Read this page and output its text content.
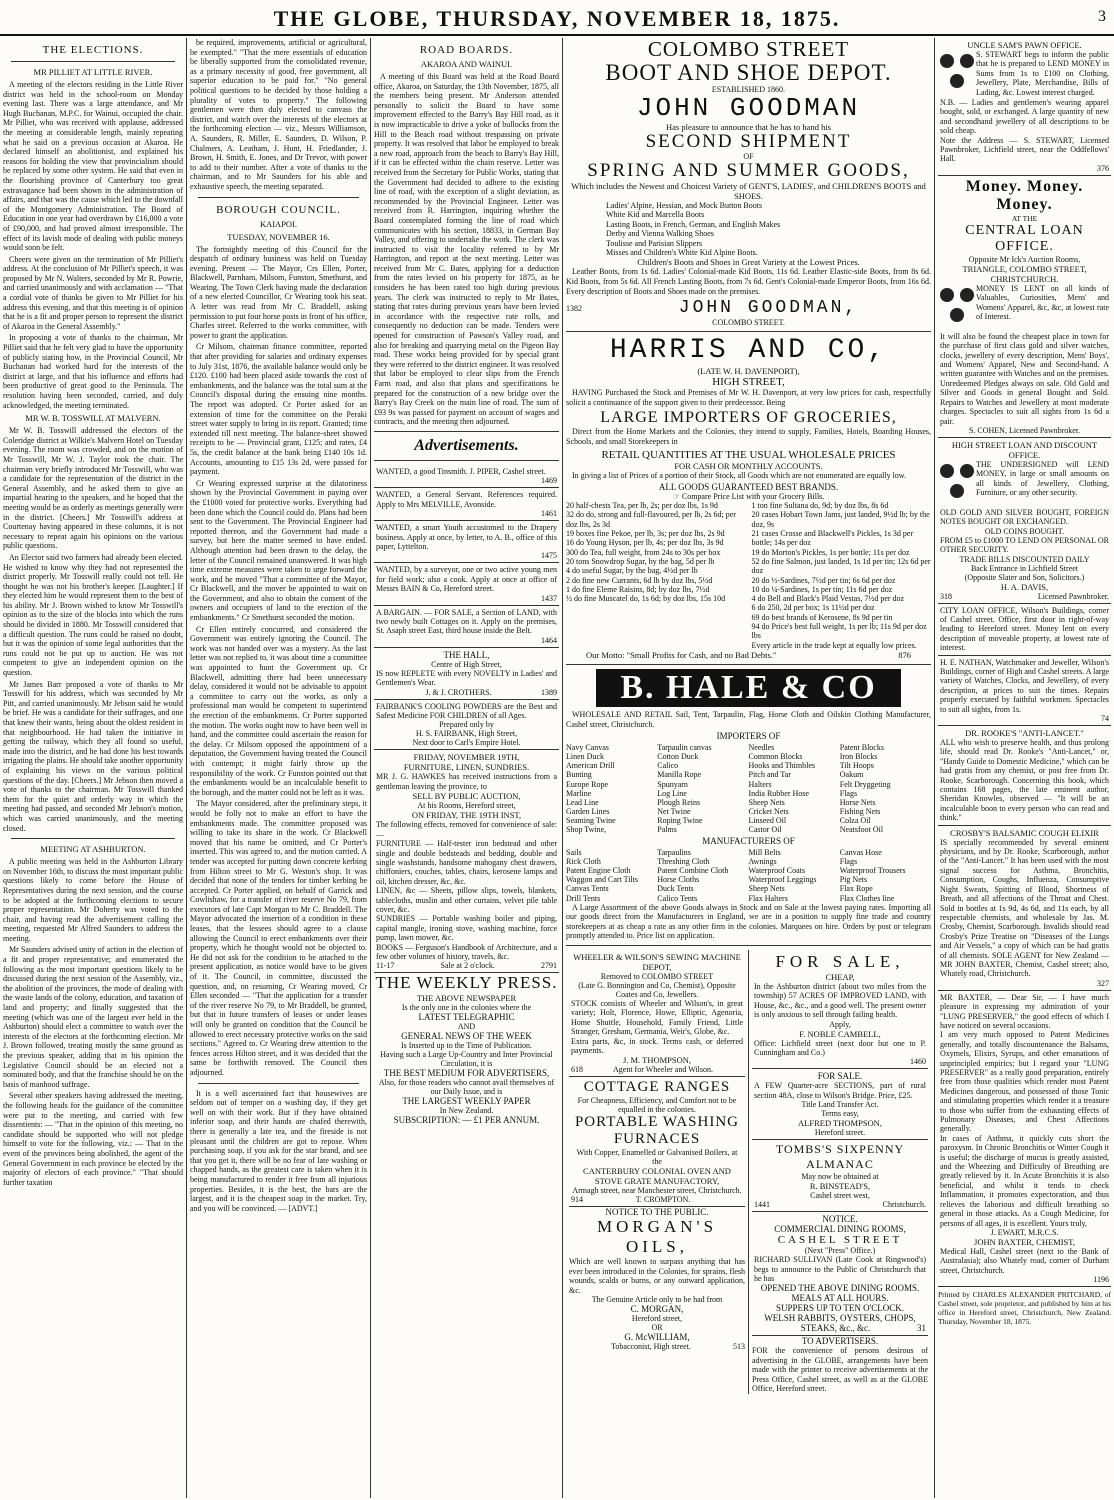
THE GLOBE, THURSDAY, NOVEMBER 18, 1875.	3
THE ELECTIONS.
MR PILLIET AT LITTLE RIVER.

A meeting of the electors residing in the Little River district was held in the school-room on Monday evening last. There was a large attendance, and Mr Hugh Buchanan, M.P.C. for Wainui, occupied the chair. Mr Pilliet, who was received with applause, addressed the meeting at considerable length, mainly repeating what he said on a previous occasion at Akaroa. He declared himself an abolitionist, and explained his reasons for holding the view that provincialism should be replaced by some other system. He said that even in the flourishing province of Canterbury too great extravagance had been shown in the administration of affairs, and that was the cause which led to the downfall of the Montgomery Administration. The Board of Education in one year had overdrawn by £16,000 a vote of £90,000, and had proved almost irresponsible. The effect of its lavish mode of dealing with public moneys would soon be felt.

Cheers were given on the termination of Mr Pilliet's address. At the conclusion of Mr Pilliet's speech, it was proposed by Mr N. Walters, seconded by Mr R. Powrie, and carried unanimously and with acclamation — "That a cordial vote of thanks be given to Mr Pilliet for his address this evening, and that this meeting is of opinion that he is a fit and proper person to represent the district of Akaroa in the General Assembly."

In proposing a vote of thanks to the chairman, Mr Pilliet said that he felt very glad to have the opportunity of publicly stating how, in the Provincial Council, Mr Buchanan had worked hard for the interests of the district at large, and that his influence and efforts had been productive of great good to the Peninsula. The resolution having been seconded, carried, and duly acknowledged, the meeting terminated.

MR W. B. TOSSWILL AT MALVERN.

Mr W. B. Tosswill addressed the electors of the Coleridge district at Wilkie's Malvern Hotel on Tuesday evening. The room was crowded, and on the motion of Mr Tosswill, Mr W. J. Taylor took the chair. The chairman very briefly introduced Mr Tosswill, who was a candidate for the representation of the district in the General Assembly, and he asked them to give an impartial hearing to the speakers, and he hoped that the meeting would be as orderly as meetings generally were in the district. [Cheers.] Mr Tosswill's address at Courtenay having appeared in these columns, it is not necessary to repeat again his opinions on the various public questions.

An Elector said two farmers had already been elected. He wished to know why they had not represented the district properly. Mr Tosswill really could not tell. He thought he was not his brother's keeper. [Laughter.] If they elected him he would represent them to the best of his ability. Mr J. Brown wished to know Mr Tosswill's opinion as to the size of the blocks into which the runs should be divided in 1880. Mr Tosswill considered that a difficult question. The runs could be raised no doubt, but it was the opinion of some legal authorities that the runs could not be put up to auction. He was not competent to give an independent opinion on the question.

Mr James Barr proposed a vote of thanks to Mr Tosswill for his address, which was seconded by Mr Pitt, and carried unanimously. Mr Jebson said he would be brief. He was a candidate for their suffrages, and one that knew their wants, being about the oldest resident in that neighbourhood. He had taken the initiative in getting the railway, which they all found so useful, made into the district, and he had done his best towards irrigating the plains. He should take another opportunity of explaining his views on the various political questions of the day. [Cheers.] Mr Jebson then moved a vote of thanks to the chairman. Mr Tosswill thanked them for the quiet and orderly way in which the meeting had passed, and seconded Mr Jebson's motion, which was carried unanimously, and the meeting closed.

MEETING AT ASHBURTON.

A public meeting was held in the Ashburton Library on November 16th, to discuss the most important public questions likely to come before the House of Representatives during the next session, and the course to be adopted at the forthcoming elections to secure proper representation. Mr Doherty was voted to the chair, and having read the advertisement calling the meeting, requested Mr Alfred Saunders to address the meeting.

Mr Saunders advised unity of action in the election of a fit and proper representative; and enumerated the following as the most important questions likely to be discussed during the next session of the Assembly, viz., the abolition of the provinces, the mode of dealing with the waste lands of the colony, education, and taxation of land and property; and finally suggested that the meeting (which was one of the largest ever held in the Ashburton) should elect a committee to watch over the interests of the electors at the forthcoming election. Mr J. Brown followed, treating mostly the same ground as the previous speaker, adding that in his opinion the Legislative Council should be an elected not a nominated body, and that the franchise should be on the basis of manhood suffrage.

Several other speakers having addressed the meeting, the following heads for the guidance of the committee were put to the meeting, and carried with few dissentients: — "That in the opinion of this meeting, no candidate should be supported who will not pledge himself to vote for the following, viz.: — That in the event of the provinces being abolished, the agent of the General Government in each province be elected by the majority of electors of each province." "That should further taxation

be required, improvements, artificial or agricultural, be exempted." "That the mere essentials of education be liberally supported from the consolidated revenue, as a primary necessity of good, free government, all superior education to be paid for." "No general political questions to be decided by those holding a plurality of votes to property." The following gentlemen were then duly elected to canvass the district, and watch over the interests of the electors at the forthcoming election — viz., Messrs Williamson, A. Saunders, R. Miller, E. Saunders, D. Wilson, P. Chalmers, A. Leatham, J. Hunt, H. Friedlander, J. Brown, H. Smith, E. Jones, and Dr Trevor, with power to add to their number. After a vote of thanks to the chairman, and to Mr Saunders for his able and exhaustive speech, the meeting separated.

BOROUGH COUNCIL.
KAIAPOI.
TUESDAY, NOVEMBER 16.

The fortnightly meeting of this Council for the despatch of ordinary business was held on Tuesday evening. Present — The Mayor, Crs Ellen, Porter, Blackwell, Parnham, Milsom, Funston, Smethurst, and Wearing. The Town Clerk having made the declaration of a new elected Councillor, Cr Wearing took his seat. A letter was read from Mr C. Braddell, asking permission to put four horse posts in front of his office, Charles street. Referred to the works committee, with power to grant the application.

Cr Milsom, chairman finance committee, reported that after providing for salaries and ordinary expenses to July 31st, 1876, the available balance would only be £120. £100 had been placed aside towards the cost of embankments, and the balance was the total sum at the Council's disposal during the ensuing nine months. The report was adopted. Cr Porter asked for an extension of time for the committee on the Peraki street water supply to bring in its report. Granted; time extended till next meeting. The balance-sheet showed receipts to be — Provincial grant, £125; and rates, £4 5s, the credit balance at the bank being £140 10s 1d. Accounts, amounting to £15 13s 2d, were passed for payment.

Cr Wearing expressed surprise at the dilatoriness shown by the Provincial Government in paying over the £1000 voted for protective works. Everything had been done which the Council could do. Plans had been sent to the Government. The Provincial Engineer had reported thereon, and the Government had made a survey, but here the matter seemed to have ended. Although attention had been drawn to the delay, the letter of the Council remained unanswered. It was high time extreme measures were taken to urge forward the work, and he moved "That a committee of the Mayor, Cr Blackwell, and the mover be appointed to wait on the Government, and also to obtain the consent of the owners and occupiers of land to the erection of the embankments." Cr Smethurst seconded the motion.

Cr Ellen entirely concurred, and considered the Government was entirely ignoring the Council. The work was not handed over was a mystery. As the last letter was not replied to, it was about time a committee was appointed to hunt the Government up. Cr Blackwell, admitting there had been unnecessary delay, considered it would not be advisable to appoint a committee to carry out the works, as only a professional man would be competent to superintend the erection of the embankments. Cr Porter supported the motion. The works ought now to have been well in hand, and the committee could ascertain the reason for the delay. Cr Milsom opposed the appointment of a deputation, the Government having treated the Council with contempt; it might fairly throw up the responsibility of the work. Cr Funston pointed out that the embankments would be an incalculable benefit to the borough, and the matter could not be left as it was.

The Mayor considered, after the preliminary steps, it would be folly not to make an effort to have the embankments made. The committee proposed was willing to take its share in the work. Cr Blackwell moved that his name be omitted, and Cr Porter's inserted. This was agreed to, and the motion carried. A tender was accepted for putting down concrete kerbing from Hilton street to Mr G. Weston's shop. It was decided that none of the tenders for timber kerbing be accepted. Cr Porter applied, on behalf of Garrick and Cowlishaw, for a transfer of river reserve No 79, from executors of late Capt Morgan to Mr C. Braddell. The Mayor advocated the insertion of a condition in these leases, that the lessees should agree to a clause allowing the Council to erect embankments over their property, which he thought would not be objected to. He did not ask for the condition to be attached to the present application, as notice would have to be given of it. The Council, in committee, discussed the question, and, on resuming, Cr Wearing moved, Cr Ellen seconded — "That the application for a transfer of the river reserve No 79, to Mr Braddell, be granted, but that in future transfers of leases or under leases will only be granted on condition that the Council be allowed to erect necessary protective works on the said sections." Agreed to. Cr Wearing drew attention to the fences across Hilton street, and it was decided that the same be forthwith removed. The Council then adjourned.

It is a well ascertained fact that housewives are seldom out of temper on a washing day, if they get well on with their work. But if they have obtained inferior soap, and their hands are chafed therewith, there is generally a late tea, and the fireside is not pleasant until the children are got to repose. When purchasing soap, if you ask for the star brand, and see that you get it, there will be no fear of late washing or chapped hands, as the greatest care is taken when it is being manufactured to render it free from all injurious properties. Besides, it is the best, the bars are the largest, and it is the cheapest soap in the market. Try, and you will be convinced. — [ADVT.]

ROAD BOARDS.
AKAROA AND WAINUI.

A meeting of this Board was held at the Road Board office, Akaroa, on Saturday, the 13th November, 1875, all the members being present. Mr Anderson attended personally to solicit the Board to have some improvement effected to the Barry's Bay Hill road, as it is now impracticable to drive a yoke of bullocks from the Hill to the Beach road without trespassing on private property. It was resolved that labor be employed to break a new road, approach from the beach to Barry's Bay Hill, if it can be effected within the chain reserve. Letter was received from the Secretary for Public Works, stating that the Government had decided to adhere to the existing line of road, with the exception of a slight deviation, as recommended by the Provincial Engineer. Letter was received from R. Harrington, inquiring whether the Board contemplated forming the line of road which communicates with his section, 18833, in German Bay Valley, and offering to undertake the work. The clerk was instructed to visit the locality referred to by Mr Harrington, and report at the next meeting. Letter was received from Mr C. Bates, applying for a deduction from the rates levied on his property for 1875, as he considers he has been rated too high during previous years. The clerk was instructed to reply to Mr Bates, stating that rates during previous years have been levied in accordance with the respective rate rolls, and consequently no deduction can be made. Tenders were opened for construction of Pawson's Valley road, and also for breaking and quarrying metal on the Pigeon Bay road. These works being provided for by special grant they were referred to the district engineer. It was resolved that labor be employed to clear slips from the French Farm road, and also that plans and specifications be prepared for the construction of a new bridge over the Barry's Bay Creek on the main line of road. The sum of £93 9s was passed for payment on account of wages and contracts, and the meeting then adjourned.

Advertisements.
WANTED, a good Tinsmith. J. PIPER, Cashel street.
1469
WANTED, a General Servant. References required. Apply to Mrs MELVILLE, Avonside.
1461
WANTED, a smart Youth accustomed to the Drapery business. Apply at once, by letter, to A. B., office of this paper, Lyttelton.
1475
WANTED, by a surveyor, one or two active young men for field work; also a cook. Apply at once at office of Messrs BAIN & Co, Hereford street.
1437
A BARGAIN. — FOR SALE, a Section of LAND, with two newly built Cottages on it. Apply on the premises, St. Asaph street East, third house inside the Belt.
1464
THE HALL,
Centre of High Street,
IS now REPLETE with every NOVELTY in Ladies' and Gentlemen's Wear.
J. & J. CROTHERS.	1389
FAIRBANK'S COOLING POWDERS are the Best and Safest Medicine FOR CHILDREN of all Ages.
Prepared only by
H. S. FAIRBANK, High Street,
Next door to Carl's Empire Hotel.
FRIDAY, NOVEMBER 19TH,
FURNITURE, LINEN, SUNDRIES.
MR J. G. HAWKES has received instructions from a gentleman leaving the province, to
SELL BY PUBLIC AUCTION,
At his Rooms, Hereford street,
ON FRIDAY, THE 19TH INST,
The following effects, removed for convenience of sale: —
FURNITURE — Half-tester iron bedstead and other single and double bedsteads and bedding, double and single washstands, handsome mahogany chest drawers, chiffoniers, couches, tables, chairs, kerosene lamps and oil, kitchen dresser, &c, &c.
LINEN, &c — Sheets, pillow slips, towels, blankets, tablecloths, muslin and other curtains, velvet pile table cover, &c.
SUNDRIES — Portable washing boiler and piping, capital mangle, ironing stove, washing machine, force pump, lawn mower, &c.
BOOKS — Ferguson's Handbook of Architecture, and a few other volumes of history, travels, &c.
11-17	Sale at 2 o'clock.	2791
THE WEEKLY PRESS.
THE ABOVE NEWSPAPER
Is the only one in the colonies where the
LATEST TELEGRAPHIC
AND
GENERAL NEWS OF THE WEEK
Is Inserted up to the Time of Publication.
Having such a Large Up-Country and Inter Provincial Circulation, it is
THE BEST MEDIUM FOR ADVERTISERS,
Also, for those readers who cannot avail themselves of our Daily Issue, and is
THE LARGEST WEEKLY PAPER
In New Zealand.
SUBSCRIPTION: — £1 PER ANNUM.
COLOMBO STREET
BOOT AND SHOE DEPOT.
ESTABLISHED 1860.
JOHN GOODMAN
Has pleasure to announce that he has to hand his
SECOND SHIPMENT
OF
SPRING AND SUMMER GOODS,
Which includes the Newest and Choicest Variety of GENT'S, LADIES', and CHILDREN'S BOOTS and SHOES.
Ladies' Alpine, Hessian, and Mock Button Boots
White Kid and Marcella Boots
Lasting Boots, in French, German, and English Makes
Derby and Vienna Walking Shoes
Toulisse and Parisian Slippers
Misses and Children's White Kid Alpine Boots.
Children's Boots and Shoes in Great Variety at the Lowest Prices.
Leather Boots, from 1s 6d. Ladies' Colonial-made Kid Boots, 11s 6d. Leather Elastic-side Boots, from 8s 6d. Kid Boots, from 5s 6d. All French Lasting Boots, from 7s 6d. Gent's Colonial-made Emperor Boots, from 16s 6d. Every description of Boots and Shoes made on the premises.
1382	JOHN GOODMAN,
COLOMBO STREET.
HARRIS AND CO,
(LATE W. H. DAVENPORT),
HIGH STREET,
HAVING Purchased the Stock and Premises of Mr W. H. Davenport, at very low prices for cash, respectfully solicit a continuance of the support given to their predecessor. Being
LARGE IMPORTERS OF GROCERIES,
Direct from the Home Markets and the Colonies, they intend to supply, Families, Hotels, Boarding Houses, Schools, and small Storekeepers in
RETAIL QUANTITIES AT THE USUAL WHOLESALE PRICES
FOR CASH OR MONTHLY ACCOUNTS.
In giving a list of Prices of a portion of their Stock, all Goods which are not enumerated are equally low.
ALL GOODS GUARANTEED BEST BRANDS.
☞ Compare Price List with your Grocery Bills.
20 half-chests Tea, per lb, 2s; per doz lbs, 1s 9d
32 do do, strong and full-flavoured, per lb, 2s 6d; per doz lbs, 2s 3d
19 boxes fine Pekoe, per lb, 3s; per doz lbs, 2s 9d
16 do Young Hyson, per lb, 4s; per doz lbs, 3s 9d
300 do Tea, full weight, from 24s to 30s per box
20 tons Snowdrop Sugar, by the bag, 5d per lb
4 do useful Sugar, by the bag, 4½d per lb
2 do fine new Currants, 6d lb by doz lbs, 5½d
1 do fine Eleme Raisins, 8d; by doz lbs, 7½d
½ do fine Muscatel do, 1s 6d; by doz lbs, 15s 10d
1 ton fine Sultana do, 9d; by doz lbs, 8s 6d
20 cases Hobart Town Jams, just landed, 9½d lb; by the doz, 9s
21 cases Crosse and Blackwell's Pickles, 1s 3d per bottle; 14s per doz
19 do Morton's Pickles, 1s per bottle; 11s per doz
52 do fine Salmon, just landed, 1s 1d per tin; 12s 6d per doz
20 do ½-Sardines, 7½d per tin; 6s 6d per doz
10 do ¼-Sardines, 1s per tin; 11s 6d per doz
4 do Bell and Black's Plaid Vestas, 7½d per doz
6 do 250, 2d per box; 1s 11½d per doz
69 do best brands of Kerosene, 8s 9d per tin
94 do Price's best full weight, 1s per lb; 11s 9d per doz lbs
Every article in the trade kept at equally low prices.
Our Motto: "Small Profits for Cash, and no Bad Debts."	876
B. HALE & CO
WHOLESALE AND RETAIL Sail, Tent, Tarpaulin, Flag, Horse Cloth and Oilskin Clothing Manufacturer, Cashel street, Christchurch.
IMPORTERS OF
Navy Canvas
Linen Duck
American Drill
Bunting
Europe Rope
Marline
Lead Line
Garden Lines
Seaming Twine
Shop Twine,
Tarpaulin canvas
Cotton Duck
Calico
Manilla Rope
Spunyarn
Log Line
Plough Reins
Net Twine
Roping Twine
Palms
Needles
Common Blocks
Hooks and Thimbles
Pitch and Tar
Halters
India Rubber Hose
Sheep Nets
Cricket Nets
Linseed Oil
Castor Oil
Patent Blocks
Iron Blocks
Tilt Hoops
Oakum
Felt Dryggeting
Flags
Horse Nets
Fishing Nets
Colza Oil
Neatsfoot Oil
MANUFACTURERS OF
Sails
Rick Cloth
Patent Engine Cloth
Waggon and Cart Tilts
Canvas Tents
Drill Tents
Tarpaulins
Threshing Cloth
Patent Combine Cloth
Horse Cloths
Duck Tents
Calico Tents
Mill Belts
Awnings
Waterproof Coats
Waterproof Leggings
Sheep Nets
Flax Halters
Canvas Hose
Flags
Waterproof Trousers
Pig Nets
Flax Rope
Flax Clothes line
A Large Assortment of the above Goods always in Stock and on Sale at the lowest paying rates. Importing all our goods direct from the Manufacturers in England, we are in a position to supply fine trade and country storekeepers at as cheap a rate as any other firm in the colonies. Marquees on hire. Orders by post or telegram promptly attended to. Price list on application.
WHEELER & WILSON'S SEWING MACHINE DEPOT,
Removed to COLOMBO STREET
(Late G. Bonnington and Co, Chemist), Opposite Coates and Co, Jewellers.
STOCK consists of Wheeler and Wilson's, in great variety; Holt, Florence, Howe, Elliptic, Agenoria, Home Shuttle, Household, Family Friend, Little Stranger, Gresham, Germania, Weir's, Globe, &c.
Extra parts, &c, in stock. Terms cash, or deferred payments.
J. M. THOMPSON,
618	Agent for Wheeler and Wilson.
COTTAGE RANGES
For Cheapness, Efficiency, and Comfort not to be equalled in the colonies.
PORTABLE WASHING
FURNACES
With Copper, Enamelled or Galvanised Boilers, at the
CANTERBURY COLONIAL OVEN AND
STOVE GRATE MANUFACTORY,
Armagh street, near Manchester street, Christchurch.
914	T. CROMPTON.
NOTICE TO THE PUBLIC.
MORGAN'S OILS,
Which are well known to surpass anything that has ever been introduced in the Colonies, for sprains, flesh wounds, scalds or burns, or any outward application, &c.
The Genuine Article only to be had from
C. MORGAN,
Hereford street,
OR
G. McWILLIAM,
Tobacconist, High street.	513
FOR SALE,
CHEAP,
In the Ashburton district (about two miles from the township) 57 ACRES OF IMPROVED LAND, with House, &c., &c., and a good well. The present owner is only anxious to sell through failing health.
Apply,
F. NOBLE CAMBELL,
Office: Lichfield street (next door but one to P. Cunningham and Co.)
1460
FOR SALE.
A FEW Quarter-acre SECTIONS, part of rural section 48A, close to Wilson's Bridge. Price, £25.
Title Land Transfer Act.
Terms easy,
ALFRED THOMPSON,
Hereford street.
TOMBS'S SIXPENNY ALMANAC
May now be obtained at
R. BINSTEAD'S,
Cashel street west,
1441	Christchurch.
NOTICE.
COMMERCIAL DINING ROOMS,
CASHEL STREET
(Next "Press" Office.)
RICHARD SULLIVAN (Late Cook at Ringwood's) begs to announce to the Public of Christchurch that he has
OPENED THE ABOVE DINING ROOMS.
MEALS AT ALL HOURS.
SUPPERS UP TO TEN O'CLOCK.
WELSH RABBITS, OYSTERS, CHOPS,
STEAKS, &c., &c.	31
TO ADVERTISERS.
FOR the convenience of persons desirous of advertising in the GLOBE, arrangements have been made with the printer to receive advertisements at the Press Office, Cashel street, as well as at the GLOBE Office, Hereford street.
UNCLE SAM'S PAWN OFFICE.
S. STEWART begs to inform the public that he is prepared to LEND MONEY in Sums from 1s to £100 on Clothing, Jewellery, Plate, Merchandise, Bills of Lading, &c. Lowest interest charged.
N.B. — Ladies and gentlemen's wearing apparel bought, sold, or exchanged. A large quantity of new and secondhand jewellery of all descriptions to be sold cheap.
Note the Address — S. STEWART, Licensed Pawnbroker, Lichfield street, near the Oddfellows' Hall.
376
Money. Money. Money.
AT THE
CENTRAL LOAN OFFICE.
Opposite Mr Ick's Auction Rooms,
TRIANGLE, COLOMBO STREET,
CHRISTCHURCH.
MONEY IS LENT on all kinds of Valuables, Curiosities, Mens' and Womens' Apparel, &c, &c, at lowest rate of Interest.
It will also be found the cheapest place in town for the purchase of first class gold and silver watches, clocks, jewellery of every description, Mens' Boys', and Womens' Apparel, New and Second-hand. A written guarantee with Watches and on the premises. Unredeemed Pledges always on sale. Old Gold and Silver and Goods in general Bought and Sold. Repairs to Watches and Jewellery at most moderate charges. Spectacles to suit all sights from 1s 6d a pair.
S. COHEN, Licensed Pawnbroker.
HIGH STREET LOAN AND DISCOUNT OFFICE.
THE UNDERSIGNED will LEND MONEY, in large or small amounts on all kinds of Jewellery, Clothing, Furniture, or any other security.
OLD GOLD AND SILVER BOUGHT, FOREIGN NOTES BOUGHT OR EXCHANGED.
OLD COINS BOUGHT.
FROM £5 to £1000 TO LEND ON PERSONAL OR OTHER SECURITY.
TRADE BILLS DISCOUNTED DAILY
Back Entrance in Lichfield Street
(Opposite Slater and Son, Solicitors.)
H. A. DAVIS,
318	Licensed Pawnbroker.
CITY LOAN OFFICE, Wilson's Buildings, corner of Cashel street. Office, first door in right-of-way leading to Hereford street. Money lent on every description of moveable property, at lowest rate of interest.
H. E. NATHAN, Watchmaker and Jeweller, Wilson's Buildings, corner of High and Cashel streets. A large variety of Watches, Clocks, and Jewellery, of every description, at prices to suit the times. Repairs properly executed by faithful workmen. Spectacles to suit all sights, from 1s.
74
DR. ROOKE'S "ANTI-LANCET."
ALL who wish to preserve health, and thus prolong life, should read Dr. Rooke's "Anti-Lancet," or, "Handy Guide to Domestic Medicine," which can be had gratis from any chemist, or post free from Dr. Rooke, Scarborough. Concerning this book, which contains 168 pages, the late eminent author, Sheridan Knowles, observed — "It will be an incalculable boon to every person who can read and think."
CROSBY'S BALSAMIC COUGH ELIXIR
IS specially recommended by several eminent physicians, and by Dr. Rooke, Scarborough, author of the "Anti-Lancet." It has been used with the most signal success for Asthma, Bronchitis, Consumption, Coughs, Influenza, Consumptive Night Sweats, Spitting of Blood, Shortness of Breath, and all affections of the Throat and Chest. Sold in bottles at 1s 9d, 4s 6d, and 11s each, by all respectable chemists, and wholesale by Jas. M. Crosby, Chemist, Scarborough. Invalids should read Crosby's Prize Treatise on "Diseases of the Lungs and Air Vessels," a copy of which can be had gratis of all chemists. SOLE AGENT for New Zealand — MR JOHN BAXTER, Chemist, Cashel street; also, Whately road, Christchurch.
327
MR BAXTER, — Dear Sir, — I have much pleasure in expressing my admiration of your "LUNG PRESERVER," the good effects of which I have noticed on several occasions.
I am very much opposed to Patent Medicines generally, and totally discountenance the Balsams, Oxymels, Elixirs, Syrups, and other emanations of unprincipled empirics; but I regard your "LUNG PRESERVER" as a really good preparation, entirely free from those qualities which render most Patent Medicines dangerous, and possessed of those Tonic and stimulating properties which render it a treasure to those who suffer from the exhausting effects of Pulmonary Diseases, and Chest Affections generally.
In cases of Asthma, it quickly cuts short the paroxysm. In Chronic Bronchitis or Winter Cough it is useful; the discharge of mucus is greatly assisted, and the Wheezing and Difficulty of Breathing are greatly relieved by it. In Acute Bronchitis it is also beneficial, and whilst it tends to check Inflammation, it promotes expectoration, and thus relieves the laborious and difficult breathing so general in those attacks. As a Cough Medicine, for persons of all ages, it is excellent. Yours truly,
J. EWART, M.R.C.S.
JOHN BAXTER, CHEMIST,
Medical Hall, Cashel street (next to the Bank of Australasia); also Whately road, corner of Durham street, Christchurch.
1196
Printed by CHARLES ALEXANDER PRITCHARD, of Cashel street, sole proprietor, and published by him at his office in Hereford street, Christchurch, New Zealand. Thursday, November 18, 1875.
